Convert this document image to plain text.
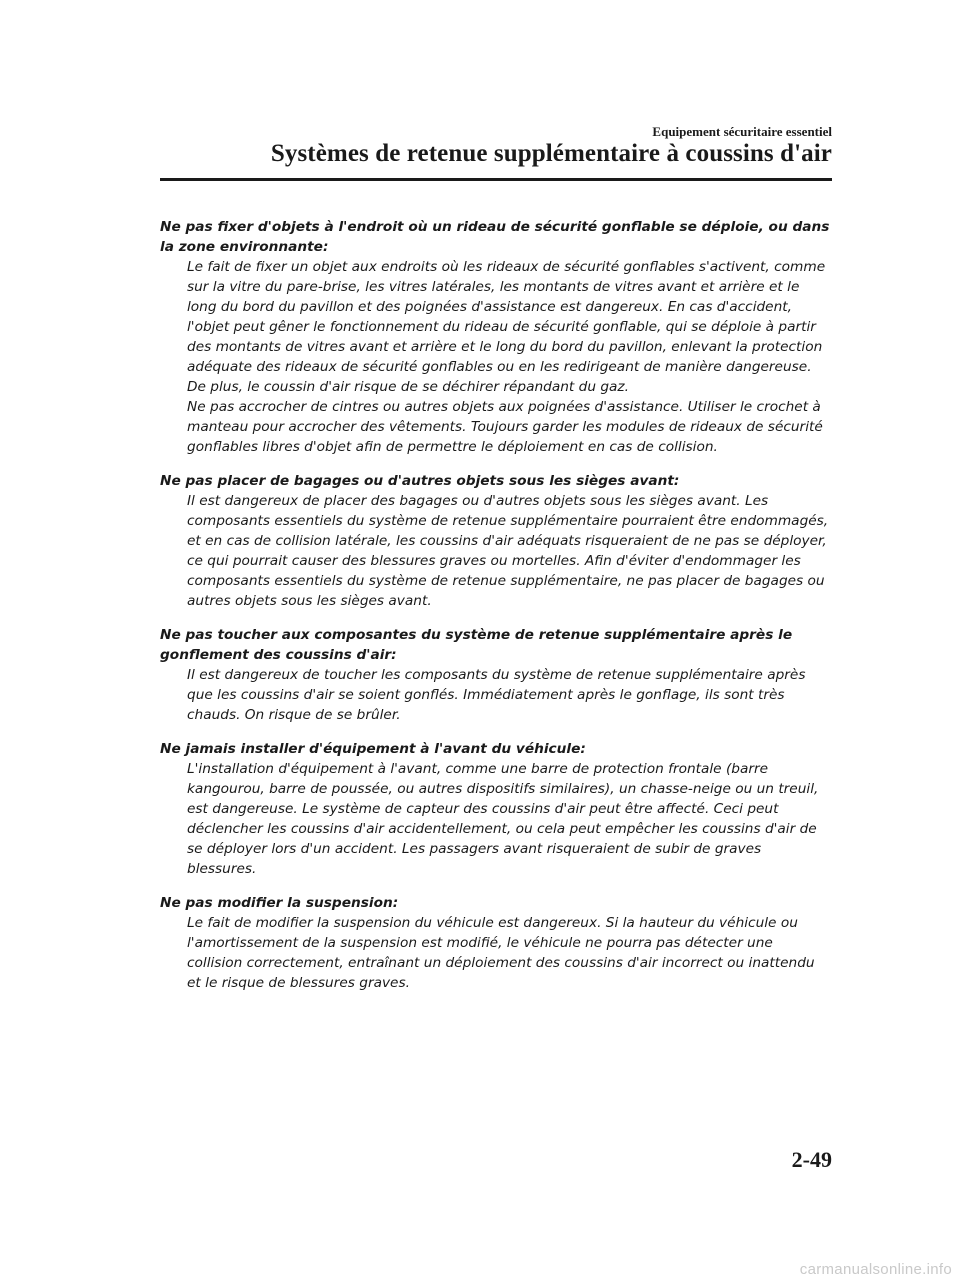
Equipement sécuritaire essentiel
Systèmes de retenue supplémentaire à coussins d'air

Ne pas fixer d'objets à l'endroit où un rideau de sécurité gonflable se déploie, ou dans la zone environnante:

Le fait de fixer un objet aux endroits où les rideaux de sécurité gonflables s'activent, comme sur la vitre du pare-brise, les vitres latérales, les montants de vitres avant et arrière et le long du bord du pavillon et des poignées d'assistance est dangereux. En cas d'accident, l'objet peut gêner le fonctionnement du rideau de sécurité gonflable, qui se déploie à partir des montants de vitres avant et arrière et le long du bord du pavillon, enlevant la protection adéquate des rideaux de sécurité gonflables ou en les redirigeant de manière dangereuse. De plus, le coussin d'air risque de se déchirer répandant du gaz.

Ne pas accrocher de cintres ou autres objets aux poignées d'assistance. Utiliser le crochet à manteau pour accrocher des vêtements. Toujours garder les modules de rideaux de sécurité gonflables libres d'objet afin de permettre le déploiement en cas de collision.

Ne pas placer de bagages ou d'autres objets sous les sièges avant:

Il est dangereux de placer des bagages ou d'autres objets sous les sièges avant. Les composants essentiels du système de retenue supplémentaire pourraient être endommagés, et en cas de collision latérale, les coussins d'air adéquats risqueraient de ne pas se déployer, ce qui pourrait causer des blessures graves ou mortelles. Afin d'éviter d'endommager les composants essentiels du système de retenue supplémentaire, ne pas placer de bagages ou autres objets sous les sièges avant.

Ne pas toucher aux composantes du système de retenue supplémentaire après le gonflement des coussins d'air:

Il est dangereux de toucher les composants du système de retenue supplémentaire après que les coussins d'air se soient gonflés. Immédiatement après le gonflage, ils sont très chauds. On risque de se brûler.

Ne jamais installer d'équipement à l'avant du véhicule:

L'installation d'équipement à l'avant, comme une barre de protection frontale (barre kangourou, barre de poussée, ou autres dispositifs similaires), un chasse-neige ou un treuil, est dangereuse. Le système de capteur des coussins d'air peut être affecté. Ceci peut déclencher les coussins d'air accidentellement, ou cela peut empêcher les coussins d'air de se déployer lors d'un accident. Les passagers avant risqueraient de subir de graves blessures.

Ne pas modifier la suspension:

Le fait de modifier la suspension du véhicule est dangereux. Si la hauteur du véhicule ou l'amortissement de la suspension est modifié, le véhicule ne pourra pas détecter une collision correctement, entraînant un déploiement des coussins d'air incorrect ou inattendu et le risque de blessures graves.

2-49
carmanualsonline.info
